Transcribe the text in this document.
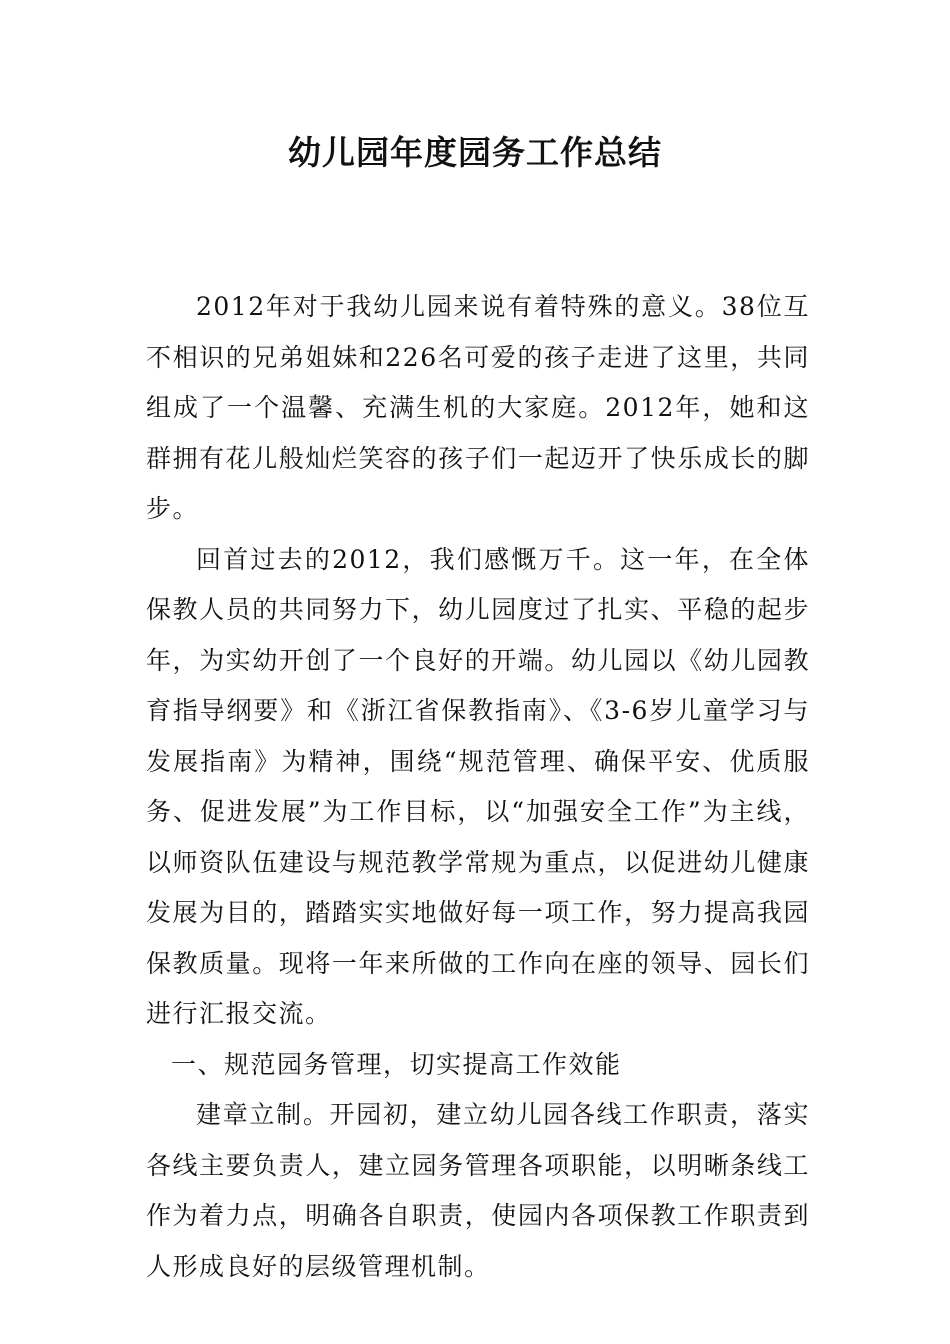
幼儿园年度园务工作总结

2012年对于我幼儿园来说有着特殊的意义。38位互不相识的兄弟姐妹和226名可爱的孩子走进了这里，共同组成了一个温馨、充满生机的大家庭。2012年，她和这群拥有花儿般灿烂笑容的孩子们一起迈开了快乐成长的脚步。

回首过去的2012，我们感慨万千。这一年，在全体保教人员的共同努力下，幼儿园度过了扎实、平稳的起步年，为实幼开创了一个良好的开端。幼儿园以《幼儿园教育指导纲要》和《浙江省保教指南》、《3-6岁儿童学习与发展指南》为精神，围绕“规范管理、确保平安、优质服务、促进发展”为工作目标，以“加强安全工作”为主线，以师资队伍建设与规范教学常规为重点，以促进幼儿健康发展为目的，踏踏实实地做好每一项工作，努力提高我园保教质量。现将一年来所做的工作向在座的领导、园长们进行汇报交流。

一、规范园务管理，切实提高工作效能

建章立制。开园初，建立幼儿园各线工作职责，落实各线主要负责人，建立园务管理各项职能，以明晰条线工作为着力点，明确各自职责，使园内各项保教工作职责到人形成良好的层级管理机制。
